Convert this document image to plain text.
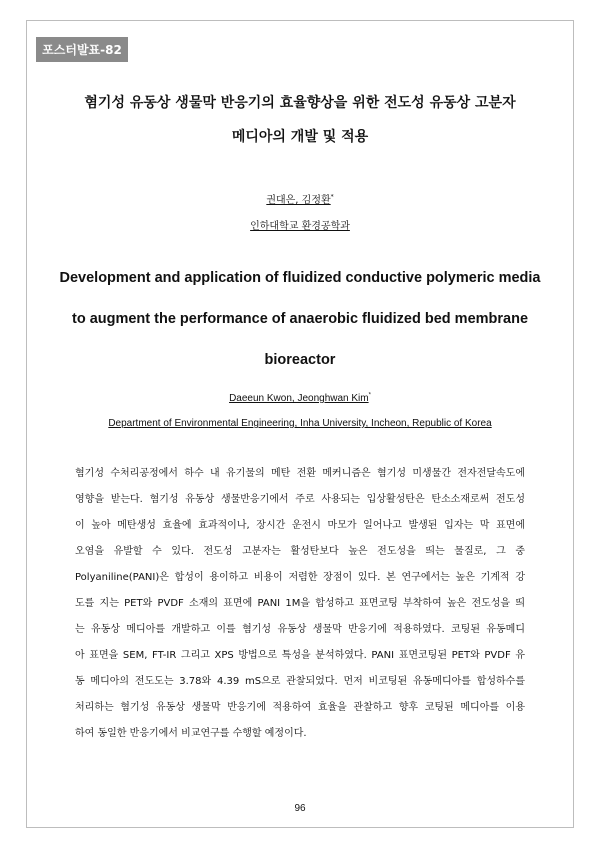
포스터발표-82
혐기성 유동상 생물막 반응기의 효율향상을 위한 전도성 유동상 고분자
메디아의 개발 및 적용
권대은, 김정환*
인하대학교 환경공학과
Development and application of fluidized conductive polymeric media
to augment the performance of anaerobic fluidized bed membrane
bioreactor
Daeeun Kwon, Jeonghwan Kim*
Department of Environmental Engineering, Inha University, Incheon, Republic of Korea
혐기성 수처리공정에서 하수 내 유기물의 메탄 전환 메커니즘은 혐기성 미생물간 전자전달속도에
영향을 받는다. 혐기성 유동상 생물반응기에서 주로 사용되는 입상활성탄은 탄소소재로써 전도성
이 높아 메탄생성 효율에 효과적이나, 장시간 운전시 마모가 일어나고 발생된 입자는 막 표면에
오염을 유발할 수 있다. 전도성 고분자는 활성탄보다 높은 전도성을 띄는 물질로, 그 중
Polyaniline(PANI)은 합성이 용이하고 비용이 저렴한 장점이 있다. 본 연구에서는 높은 기계적 강
도를 지는 PET와 PVDF 소재의 표면에 PANI 1M을 합성하고 표면코팅 부착하여 높은 전도성을 띄
는 유동상 메디아를 개발하고 이를 혐기성 유동상 생물막 반응기에 적용하였다. 코팅된 유동메디
아 표면을 SEM, FT-IR 그리고 XPS 방법으로 특성을 분석하였다. PANI 표면코팅된 PET와 PVDF 유
동 메디아의 전도도는 3.78와 4.39 mS으로 관찰되었다. 먼저 비코팅된 유동메디아를 합성하수를
처리하는 혐기성 유동상 생물막 반응기에 적용하여 효율을 관찰하고 향후 코팅된 메디아를 이용
하여 동일한 반응기에서 비교연구를 수행할 예정이다.
96
